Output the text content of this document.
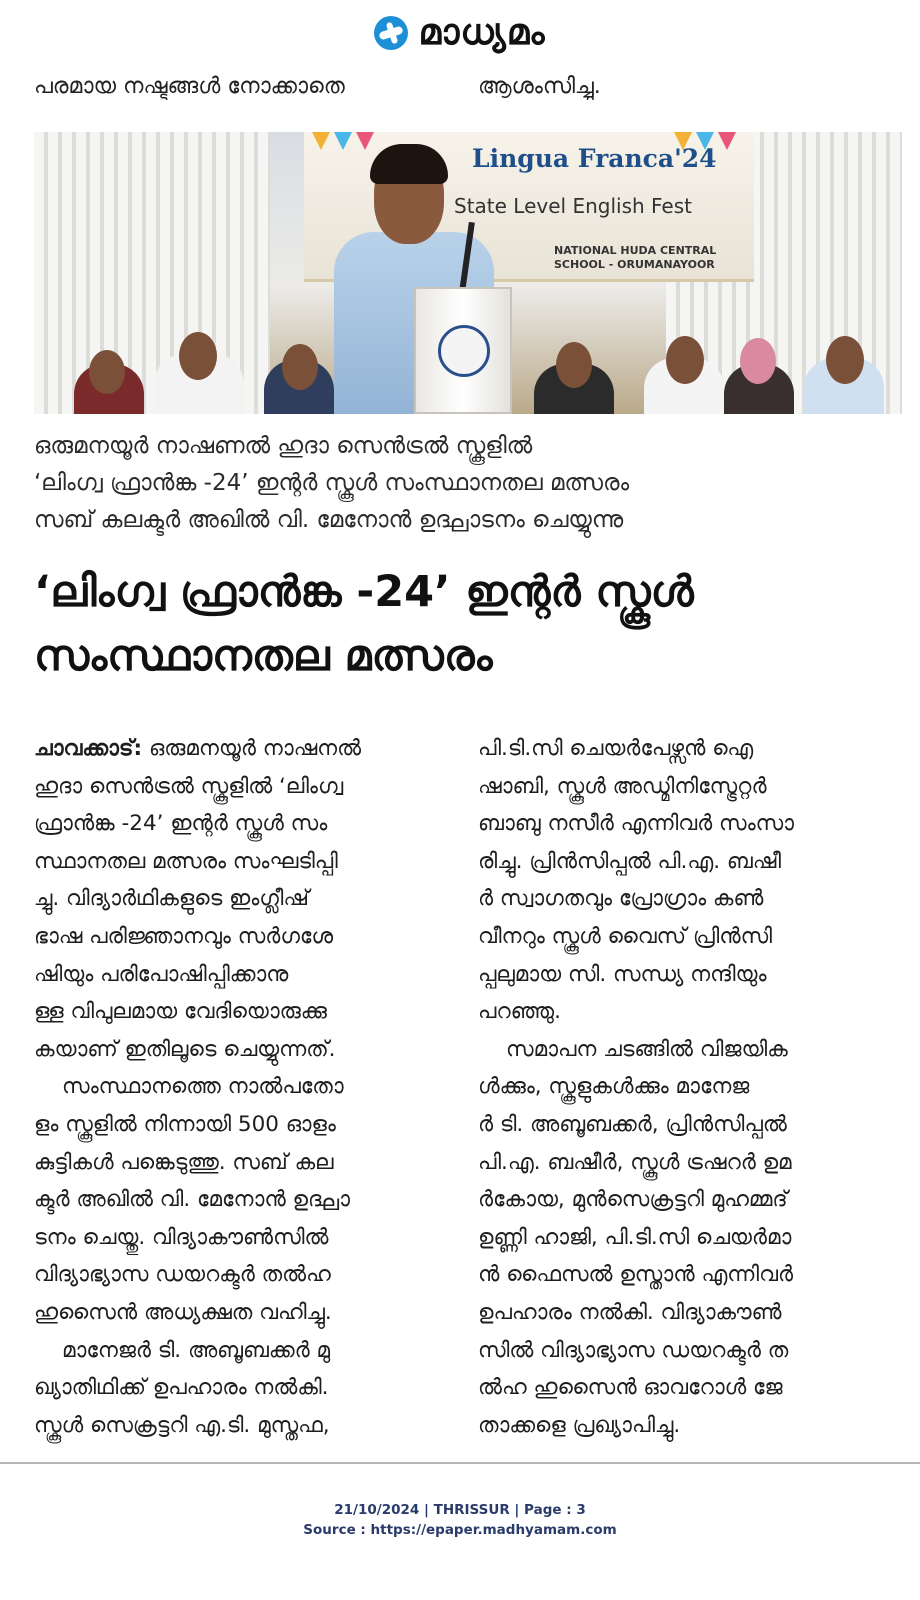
മാധ്യമം
പരമായ നഷ്ടങ്ങൾ നോക്കാതെ	ആശംസിച്ചു.
Lingua Franca'24
State Level English Fest
NATIONAL HUDA CENTRAL
SCHOOL - ORUMANAYOOR
ഒരുമനയൂർ നാഷണൽ ഹുദാ സെൻട്രൽ സ്കൂളിൽ
‘ലിംഗ്വ ഫ്രാൻങ്ക -24’ ഇന്റർ സ്കൂൾ സംസ്ഥാനതല മത്സരം
സബ് കലക്ടർ അഖിൽ വി. മേനോൻ ഉദ്ഘാടനം ചെയ്യുന്നു
‘ലിംഗ്വ ഫ്രാൻങ്ക -24’ ഇന്റർ സ്കൂൾ
സംസ്ഥാനതല മത്സരം
ചാവക്കാട്: ഒരുമനയൂർ നാഷനൽ
ഹുദാ സെൻട്രൽ സ്കൂളിൽ ‘ലിംഗ്വ
ഫ്രാൻങ്ക -24’ ഇന്റർ സ്കൂൾ സം
സ്ഥാനതല മത്സരം സംഘടിപ്പി
ച്ചു. വിദ്യാർഥികളുടെ ഇംഗ്ലീഷ്
ഭാഷ പരിജ്ഞാനവും സർഗശേ
ഷിയും പരിപോഷിപ്പിക്കാനു
ള്ള വിപുലമായ വേദിയൊരുക്കു
കയാണ് ഇതിലൂടെ ചെയ്യുന്നത്.
സംസ്ഥാനത്തെ നാൽപതോ
ളം സ്കൂളിൽ നിന്നായി 500 ഓളം
കുട്ടികൾ പങ്കെടുത്തു. സബ് കല
ക്ടർ അഖിൽ വി. മേനോൻ ഉദ്ഘാ
ടനം ചെയ്തു. വിദ്യാകൗൺസിൽ
വിദ്യാഭ്യാസ ഡയറക്ടർ തൽഹ
ഹുസൈൻ അധ്യക്ഷത വഹിച്ചു.
മാനേജർ ടി. അബൂബക്കർ മു
ഖ്യാതിഥിക്ക് ഉപഹാരം നൽകി.
സ്കൂൾ സെക്രട്ടറി എ.ടി. മുസ്തഫ,
പി.ടി.സി ചെയർപേഴ്സൻ ഐ
ഷാബി, സ്കൂൾ അഡ്മിനിസ്ട്രേറ്റർ
ബാബു നസീർ എന്നിവർ സംസാ
രിച്ചു. പ്രിൻസിപ്പൽ പി.എ. ബഷീ
ർ സ്വാഗതവും പ്രോഗ്രാം കൺ
വീനറും സ്കൂൾ വൈസ് പ്രിൻസി
പ്പലുമായ സി. സന്ധ്യ നന്ദിയും
പറഞ്ഞു.
സമാപന ചടങ്ങിൽ വിജയിക
ൾക്കും, സ്കൂളുകൾക്കും മാനേജ
ർ ടി. അബൂബക്കർ, പ്രിൻസിപ്പൽ
പി.എ. ബഷീർ, സ്കൂൾ ട്രഷറർ ഉമ
ർകോയ, മുൻസെക്രട്ടറി മുഹമ്മദ്
ഉണ്ണി ഹാജി, പി.ടി.സി ചെയർമാ
ൻ ഫൈസൽ ഉസ്താൻ എന്നിവർ
ഉപഹാരം നൽകി. വിദ്യാകൗൺ
സിൽ വിദ്യാഭ്യാസ ഡയറക്ടർ ത
ൽഹ ഹുസൈൻ ഓവറോൾ ജേ
താക്കളെ പ്രഖ്യാപിച്ചു.
21/10/2024 | THRISSUR | Page : 3
Source : https://epaper.madhyamam.com
